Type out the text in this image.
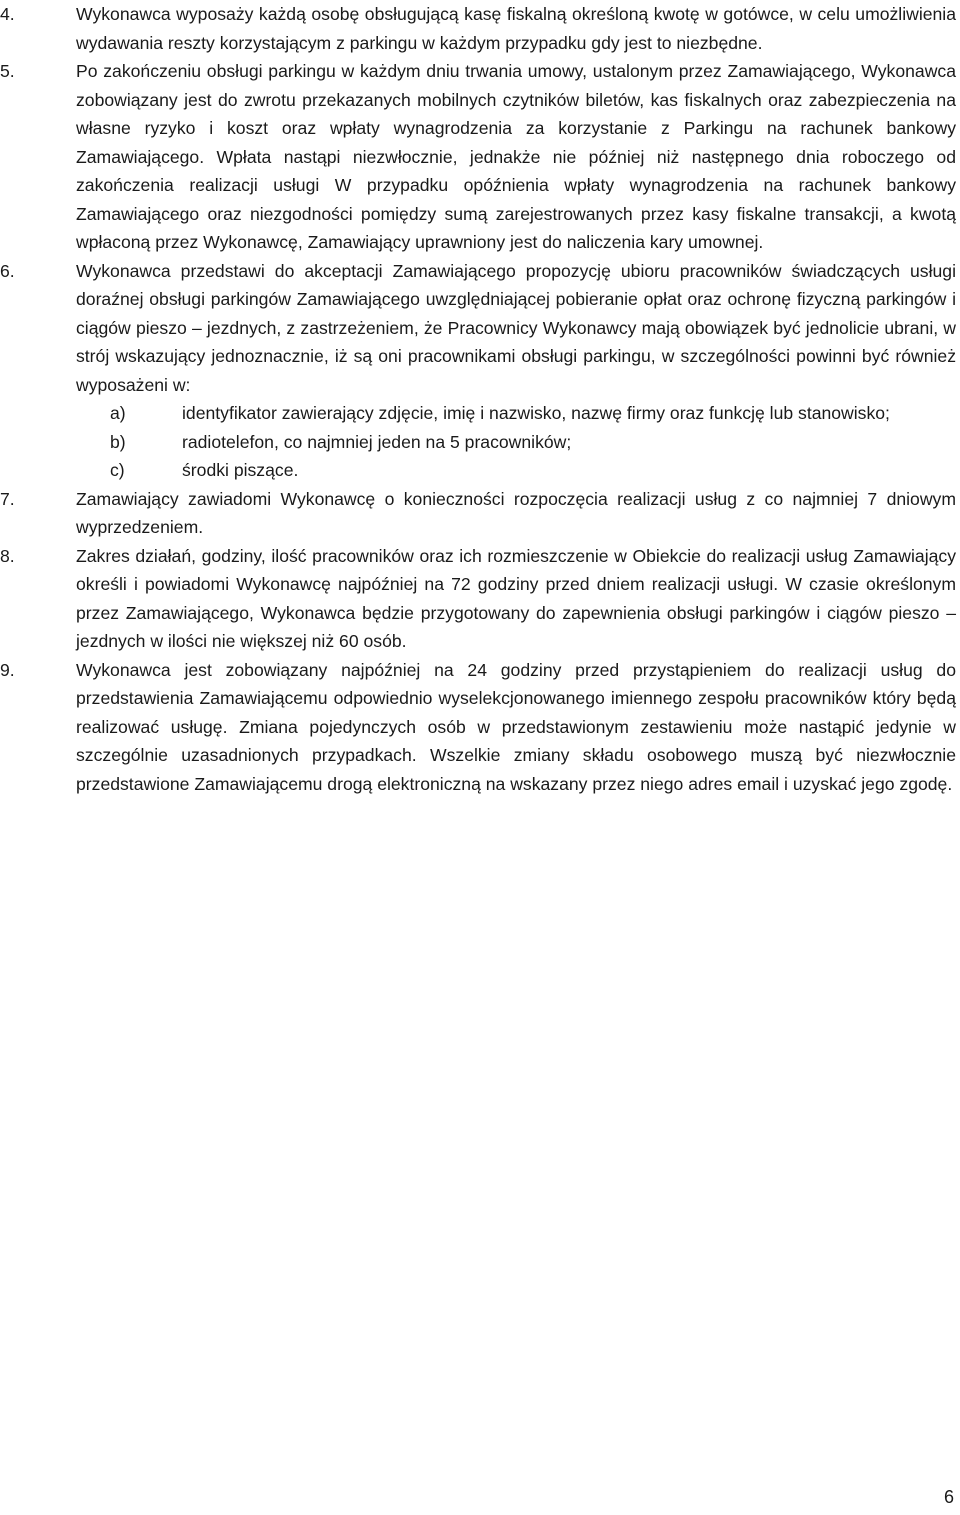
4.	Wykonawca wyposaży każdą osobę obsługującą kasę fiskalną określoną kwotę w gotówce, w celu umożliwienia wydawania reszty korzystającym z parkingu w każdym przypadku gdy jest to niezbędne.
5.	Po zakończeniu obsługi parkingu w każdym dniu trwania umowy, ustalonym przez Zamawiającego, Wykonawca zobowiązany jest do zwrotu przekazanych mobilnych czytników biletów, kas fiskalnych oraz zabezpieczenia na własne ryzyko i koszt oraz wpłaty wynagrodzenia za korzystanie z Parkingu na rachunek bankowy Zamawiającego. Wpłata nastąpi niezwłocznie, jednakże nie później niż następnego dnia roboczego od zakończenia realizacji usługi W przypadku opóźnienia wpłaty wynagrodzenia na rachunek bankowy Zamawiającego oraz niezgodności pomiędzy sumą zarejestrowanych przez kasy fiskalne transakcji, a kwotą wpłaconą przez Wykonawcę, Zamawiający uprawniony jest do naliczenia kary umownej.
6.	Wykonawca przedstawi do akceptacji Zamawiającego propozycję ubioru pracowników świadczących usługi doraźnej obsługi parkingów Zamawiającego uwzględniającej pobieranie opłat oraz ochronę fizyczną parkingów i ciągów pieszo – jezdnych, z zastrzeżeniem, że Pracownicy Wykonawcy mają obowiązek być jednolicie ubrani, w strój wskazujący jednoznacznie, iż są oni pracownikami obsługi parkingu, w szczególności powinni być również wyposażeni w:
a)	identyfikator zawierający zdjęcie, imię i nazwisko, nazwę firmy oraz funkcję lub stanowisko;
b)	radiotelefon, co najmniej jeden na 5 pracowników;
c)	środki piszące.
7.	Zamawiający zawiadomi Wykonawcę o konieczności rozpoczęcia realizacji usług z co najmniej 7 dniowym wyprzedzeniem.
8.	Zakres działań, godziny, ilość pracowników oraz ich rozmieszczenie w Obiekcie do realizacji usług Zamawiający określi i powiadomi Wykonawcę najpóźniej na 72 godziny przed dniem realizacji usługi. W czasie określonym przez Zamawiającego, Wykonawca będzie przygotowany do zapewnienia obsługi parkingów i ciągów pieszo – jezdnych w ilości nie większej niż 60 osób.
9.	Wykonawca jest zobowiązany najpóźniej na 24 godziny przed przystąpieniem do realizacji usług do przedstawienia Zamawiającemu odpowiednio wyselekcjonowanego imiennego zespołu pracowników który będą realizować usługę. Zmiana pojedynczych osób w przedstawionym zestawieniu może nastąpić jedynie w szczególnie uzasadnionych przypadkach. Wszelkie zmiany składu osobowego muszą być niezwłocznie przedstawione Zamawiającemu drogą elektroniczną na wskazany przez niego adres email i uzyskać jego zgodę.
6
